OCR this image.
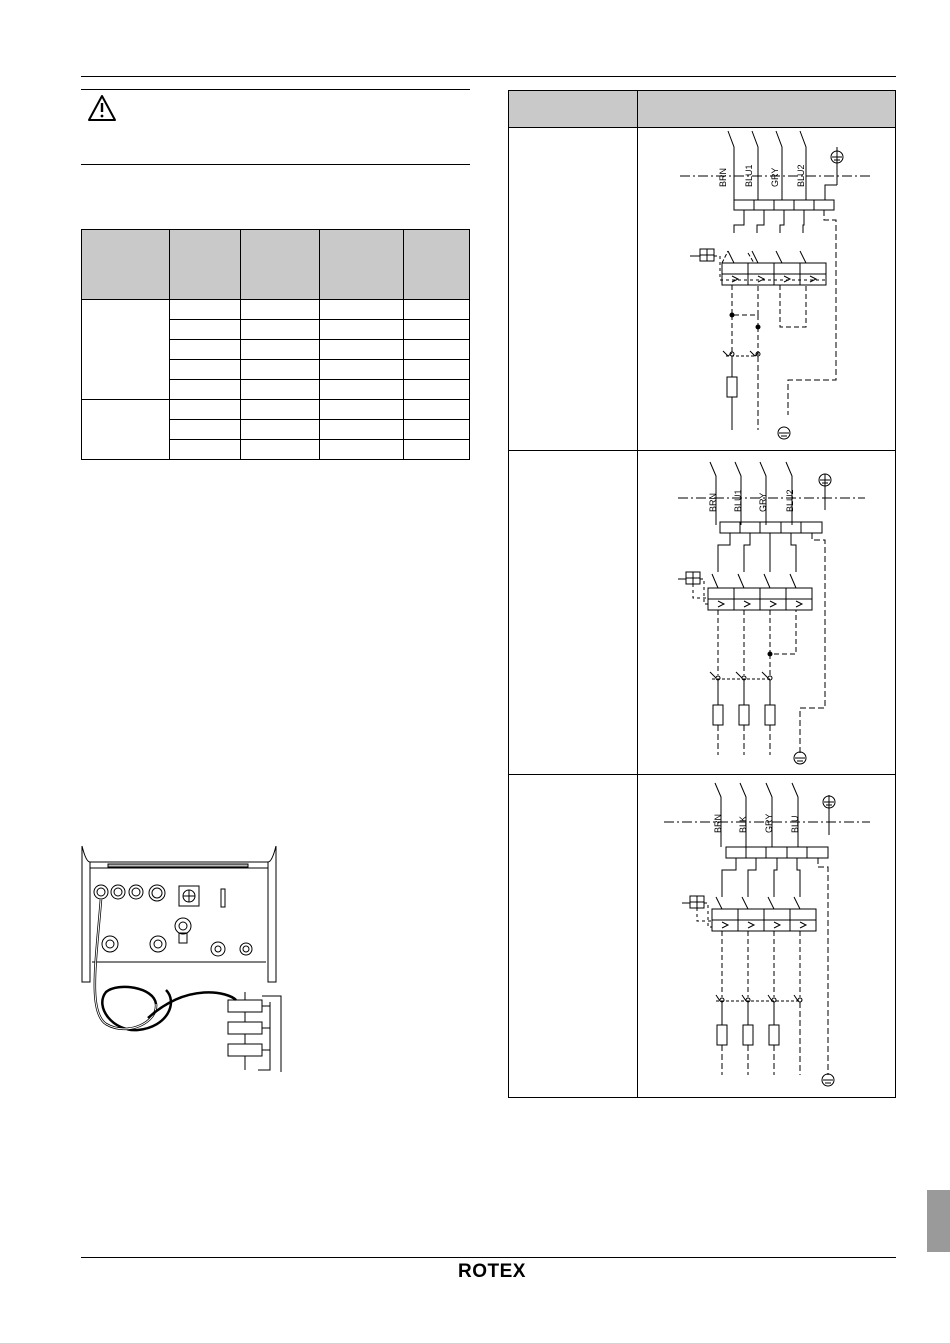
BRN BLU1 GRY BLU2
BRN BLU1 GRY BLU2
BRN BLK GRY BLU
ROTEX
